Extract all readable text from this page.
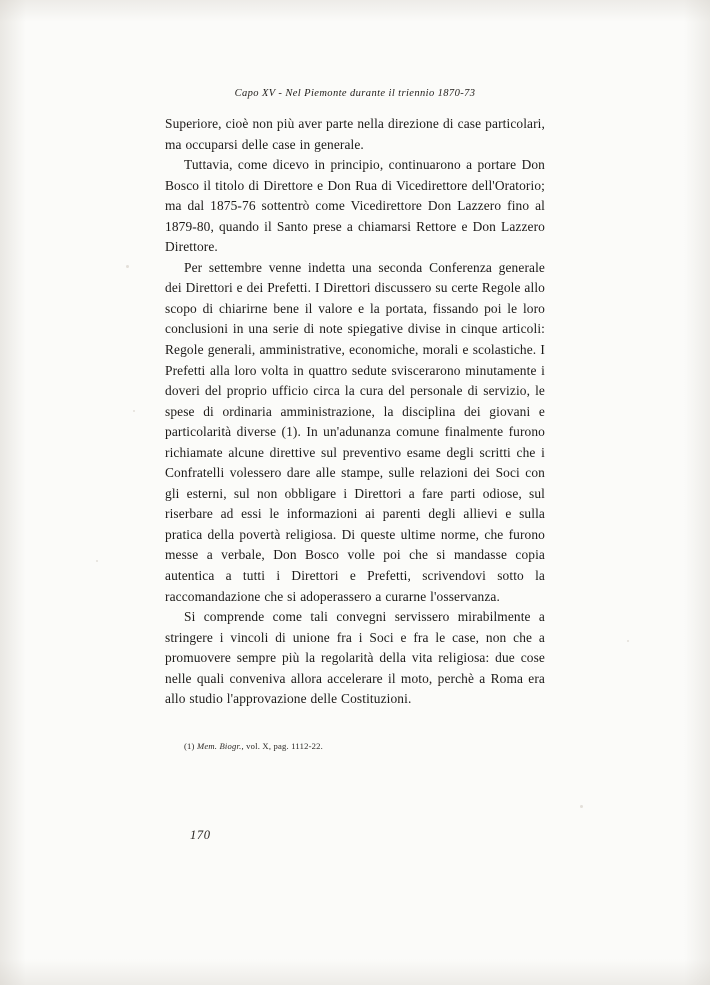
Capo XV - Nel Piemonte durante il triennio 1870-73

Superiore, cioè non più aver parte nella direzione di case particolari, ma occuparsi delle case in generale.

Tuttavia, come dicevo in principio, continuarono a portare Don Bosco il titolo di Direttore e Don Rua di Vicedirettore dell'Oratorio; ma dal 1875-76 sottentrò come Vicedirettore Don Lazzero fino al 1879-80, quando il Santo prese a chiamarsi Rettore e Don Lazzero Direttore.

Per settembre venne indetta una seconda Conferenza generale dei Direttori e dei Prefetti. I Direttori discussero su certe Regole allo scopo di chiarirne bene il valore e la portata, fissando poi le loro conclusioni in una serie di note spiegative divise in cinque articoli: Regole generali, amministrative, economiche, morali e scolastiche. I Prefetti alla loro volta in quattro sedute sviscerarono minutamente i doveri del proprio ufficio circa la cura del personale di servizio, le spese di ordinaria amministrazione, la disciplina dei giovani e particolarità diverse (1). In un'adunanza comune finalmente furono richiamate alcune direttive sul preventivo esame degli scritti che i Confratelli volessero dare alle stampe, sulle relazioni dei Soci con gli esterni, sul non obbligare i Direttori a fare parti odiose, sul riserbare ad essi le informazioni ai parenti degli allievi e sulla pratica della povertà religiosa. Di queste ultime norme, che furono messe a verbale, Don Bosco volle poi che si mandasse copia autentica a tutti i Direttori e Prefetti, scrivendovi sotto la raccomandazione che si adoperassero a curarne l'osservanza.

Si comprende come tali convegni servissero mirabilmente a stringere i vincoli di unione fra i Soci e fra le case, non che a promuovere sempre più la regolarità della vita religiosa: due cose nelle quali conveniva allora accelerare il moto, perchè a Roma era allo studio l'approvazione delle Costituzioni.

(1) Mem. Biogr., vol. X, pag. 1112-22.
170
